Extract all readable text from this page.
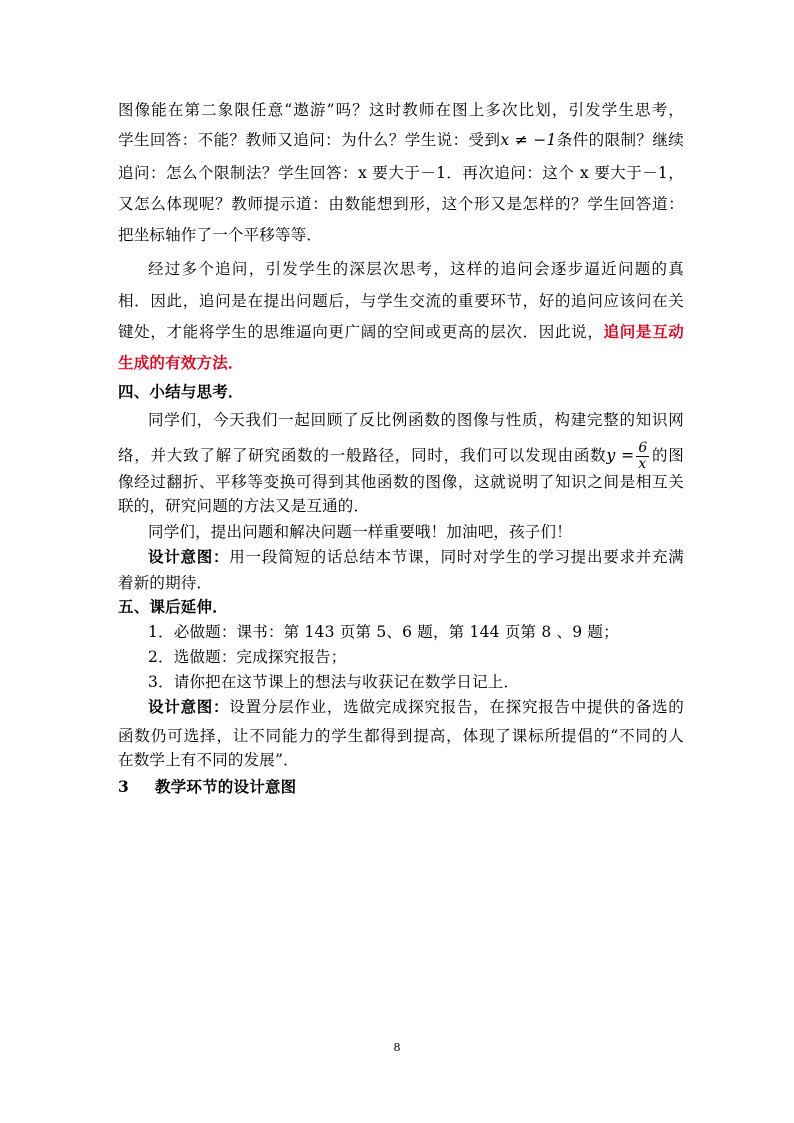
图像能在第二象限任意“遨游”吗？这时教师在图上多次比划，引发学生思考，
学生回答：不能？教师又追问：为什么？学生说：受到x ≠ −1条件的限制？继续
追问：怎么个限制法？学生回答：x 要大于－1．再次追问：这个 x 要大于－1，
又怎么体现呢？教师提示道：由数能想到形，这个形又是怎样的？学生回答道：
把坐标轴作了一个平移等等．
经过多个追问，引发学生的深层次思考，这样的追问会逐步逼近问题的真
相．因此，追问是在提出问题后，与学生交流的重要环节，好的追问应该问在关
键处，才能将学生的思维逼向更广阔的空间或更高的层次．因此说，追问是互动
生成的有效方法．
四、小结与思考．
同学们，今天我们一起回顾了反比例函数的图像与性质，构建完整的知识网
络，并大致了解了研究函数的一般路径，同时，我们可以发现由函数$y = \frac{6}{x}$ 的图
像经过翻折、平移等变换可得到其他函数的图像，这就说明了知识之间是相互关
联的，研究问题的方法又是互通的．
同学们，提出问题和解决问题一样重要哦！加油吧，孩子们！
设计意图：用一段简短的话总结本节课，同时对学生的学习提出要求并充满
着新的期待．
五、课后延伸．
1．必做题：课书：第 143 页第 5、6 题，第 144 页第 8 、9 题；
2．选做题：完成探究报告；
3．请你把在这节课上的想法与收获记在数学日记上．
设计意图：设置分层作业，选做完成探究报告，在探究报告中提供的备选的
函数仍可选择，让不同能力的学生都得到提高，体现了课标所提倡的“不同的人
在数学上有不同的发展”．
3 教学环节的设计意图
8
